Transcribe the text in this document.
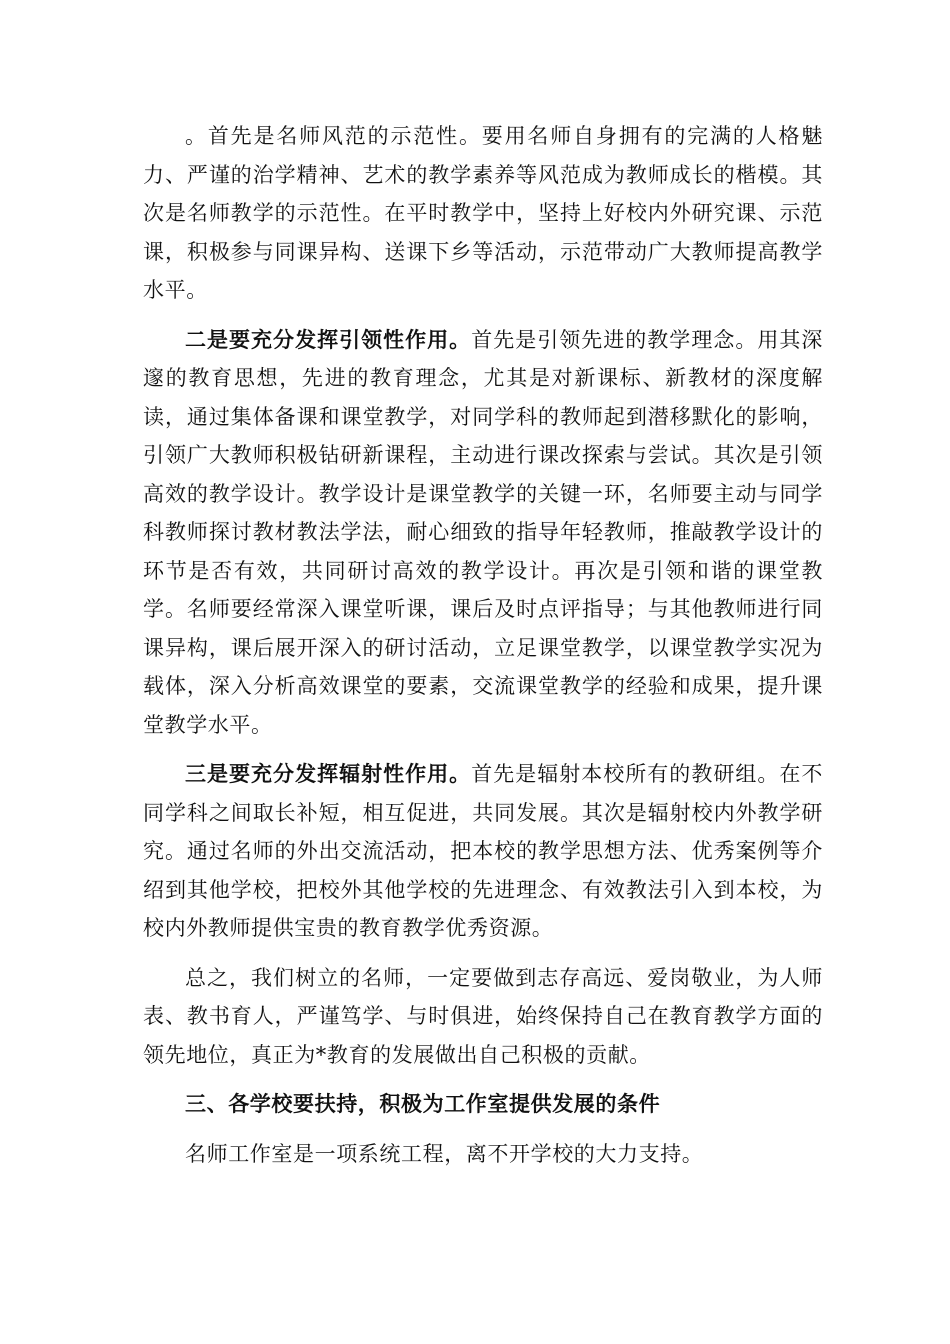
。首先是名师风范的示范性。要用名师自身拥有的完满的人格魅力、严谨的治学精神、艺术的教学素养等风范成为教师成长的楷模。其次是名师教学的示范性。在平时教学中，坚持上好校内外研究课、示范课，积极参与同课异构、送课下乡等活动，示范带动广大教师提高教学水平。

二是要充分发挥引领性作用。首先是引领先进的教学理念。用其深邃的教育思想，先进的教育理念，尤其是对新课标、新教材的深度解读，通过集体备课和课堂教学，对同学科的教师起到潜移默化的影响，引领广大教师积极钻研新课程，主动进行课改探索与尝试。其次是引领高效的教学设计。教学设计是课堂教学的关键一环，名师要主动与同学科教师探讨教材教法学法，耐心细致的指导年轻教师，推敲教学设计的环节是否有效，共同研讨高效的教学设计。再次是引领和谐的课堂教学。名师要经常深入课堂听课，课后及时点评指导；与其他教师进行同课异构，课后展开深入的研讨活动，立足课堂教学，以课堂教学实况为载体，深入分析高效课堂的要素，交流课堂教学的经验和成果，提升课堂教学水平。

三是要充分发挥辐射性作用。首先是辐射本校所有的教研组。在不同学科之间取长补短，相互促进，共同发展。其次是辐射校内外教学研究。通过名师的外出交流活动，把本校的教学思想方法、优秀案例等介绍到其他学校，把校外其他学校的先进理念、有效教法引入到本校，为校内外教师提供宝贵的教育教学优秀资源。

总之，我们树立的名师，一定要做到志存高远、爱岗敬业，为人师表、教书育人，严谨笃学、与时俱进，始终保持自己在教育教学方面的领先地位，真正为*教育的发展做出自己积极的贡献。

三、各学校要扶持，积极为工作室提供发展的条件

名师工作室是一项系统工程，离不开学校的大力支持。
